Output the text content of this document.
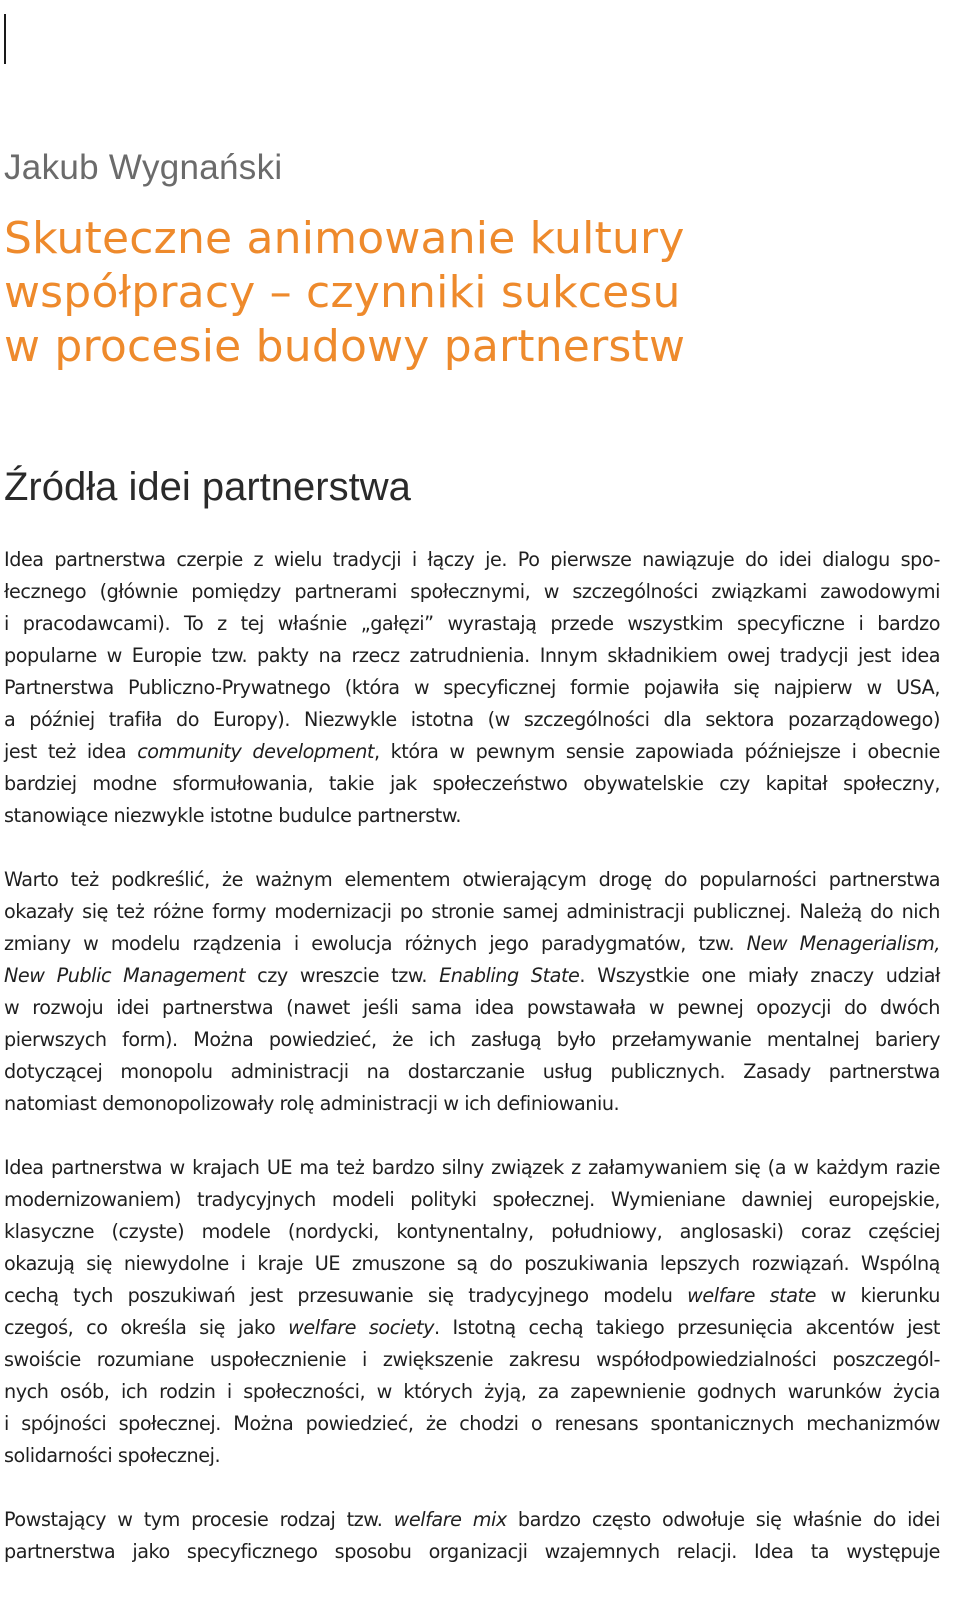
Jakub Wygnański
Skuteczne animowanie kultury
współpracy – czynniki sukcesu
w procesie budowy partnerstw
Źródła idei partnerstwa

Idea partnerstwa czerpie z wielu tradycji i łączy je. Po pierwsze nawiązuje do idei dialogu spo-
łecznego (głównie pomiędzy partnerami społecznymi, w szczególności związkami zawodowymi
i pracodawcami). To z tej właśnie „gałęzi” wyrastają przede wszystkim specyficzne i bardzo
popularne w Europie tzw. pakty na rzecz zatrudnienia. Innym składnikiem owej tradycji jest idea
Partnerstwa Publiczno-Prywatnego (która w specyficznej formie pojawiła się najpierw w USA,
a później trafiła do Europy). Niezwykle istotna (w szczególności dla sektora pozarządowego)
jest też idea community development, która w pewnym sensie zapowiada późniejsze i obecnie
bardziej modne sformułowania, takie jak społeczeństwo obywatelskie czy kapitał społeczny,
stanowiące niezwykle istotne budulce partnerstw.

Warto też podkreślić, że ważnym elementem otwierającym drogę do popularności partnerstwa
okazały się też różne formy modernizacji po stronie samej administracji publicznej. Należą do nich
zmiany w modelu rządzenia i ewolucja różnych jego paradygmatów, tzw. New Menagerialism,
New Public Management czy wreszcie tzw. Enabling State. Wszystkie one miały znaczy udział
w rozwoju idei partnerstwa (nawet jeśli sama idea powstawała w pewnej opozycji do dwóch
pierwszych form). Można powiedzieć, że ich zasługą było przełamywanie mentalnej bariery
dotyczącej monopolu administracji na dostarczanie usług publicznych. Zasady partnerstwa
natomiast demonopolizowały rolę administracji w ich definiowaniu.

Idea partnerstwa w krajach UE ma też bardzo silny związek z załamywaniem się (a w każdym razie
modernizowaniem) tradycyjnych modeli polityki społecznej. Wymieniane dawniej europejskie,
klasyczne (czyste) modele (nordycki, kontynentalny, południowy, anglosaski) coraz częściej
okazują się niewydolne i kraje UE zmuszone są do poszukiwania lepszych rozwiązań. Wspólną
cechą tych poszukiwań jest przesuwanie się tradycyjnego modelu welfare state w kierunku
czegoś, co określa się jako welfare society. Istotną cechą takiego przesunięcia akcentów jest
swoiście rozumiane uspołecznienie i zwiększenie zakresu współodpowiedzialności poszczegól-
nych osób, ich rodzin i społeczności, w których żyją, za zapewnienie godnych warunków życia
i spójności społecznej. Można powiedzieć, że chodzi o renesans spontanicznych mechanizmów
solidarności społecznej.

Powstający w tym procesie rodzaj tzw. welfare mix bardzo często odwołuje się właśnie do idei
partnerstwa jako specyficznego sposobu organizacji wzajemnych relacji. Idea ta występuje
